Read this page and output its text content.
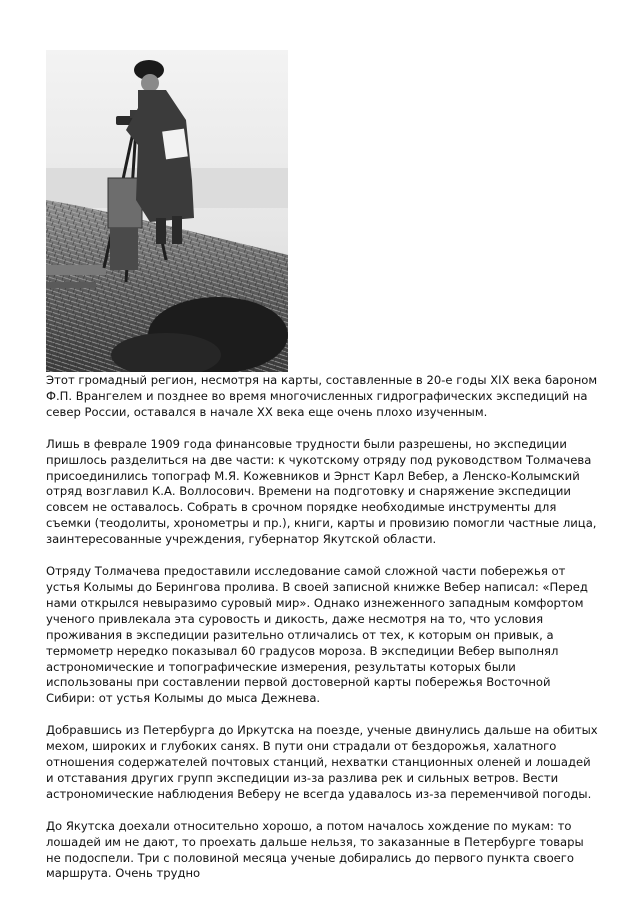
Этот громадный регион, несмотря на карты, составленные в 20-е годы XIX века бароном Ф.П. Врангелем и позднее во время многочисленных гидрографических экспедиций на север России, оставался в начале XX века еще очень плохо изученным.

Лишь в феврале 1909 года финансовые трудности были разрешены, но экспедиции пришлось разделиться на две части: к чукотскому отряду под руководством Толмачева присоединились топограф М.Я. Кожевников и Эрнст Карл Вебер, а Ленско-Колымский отряд возглавил К.А. Воллосович. Времени на подготовку и снаряжение экспедиции совсем не оставалось. Собрать в срочном порядке необходимые инструменты для съемки (теодолиты, хронометры и пр.), книги, карты и провизию помогли частные лица, заинтересованные учреждения, губернатор Якутской области.

Отряду Толмачева предоставили исследование самой сложной части побережья от устья Колымы до Берингова пролива. В своей записной книжке Вебер написал: «Перед нами открылся невыразимо суровый мир». Однако изнеженного западным комфортом ученого привлекала эта суровость и дикость, даже несмотря на то, что условия проживания в экспедиции разительно отличались от тех, к которым он привык, а термометр нередко показывал 60 градусов мороза. В экспедиции Вебер выполнял астрономические и топографические измерения, результаты которых были использованы при составлении первой достоверной карты побережья Восточной Сибири: от устья Колымы до мыса Дежнева.

Добравшись из Петербурга до Иркутска на поезде, ученые двинулись дальше на обитых мехом, широких и глубоких санях. В пути они страдали от бездорожья, халатного отношения содержателей почтовых станций, нехватки станционных оленей и лошадей и отставания других групп экспедиции из-за разлива рек и сильных ветров. Вести астрономические наблюдения Веберу не всегда удавалось из-за переменчивой погоды.

До Якутска доехали относительно хорошо, а потом началось хождение по мукам: то лошадей им не дают, то проехать дальше нельзя, то заказанные в Петербурге товары не подоспели. Три с половиной месяца ученые добирались до первого пункта своего маршрута. Очень трудно
